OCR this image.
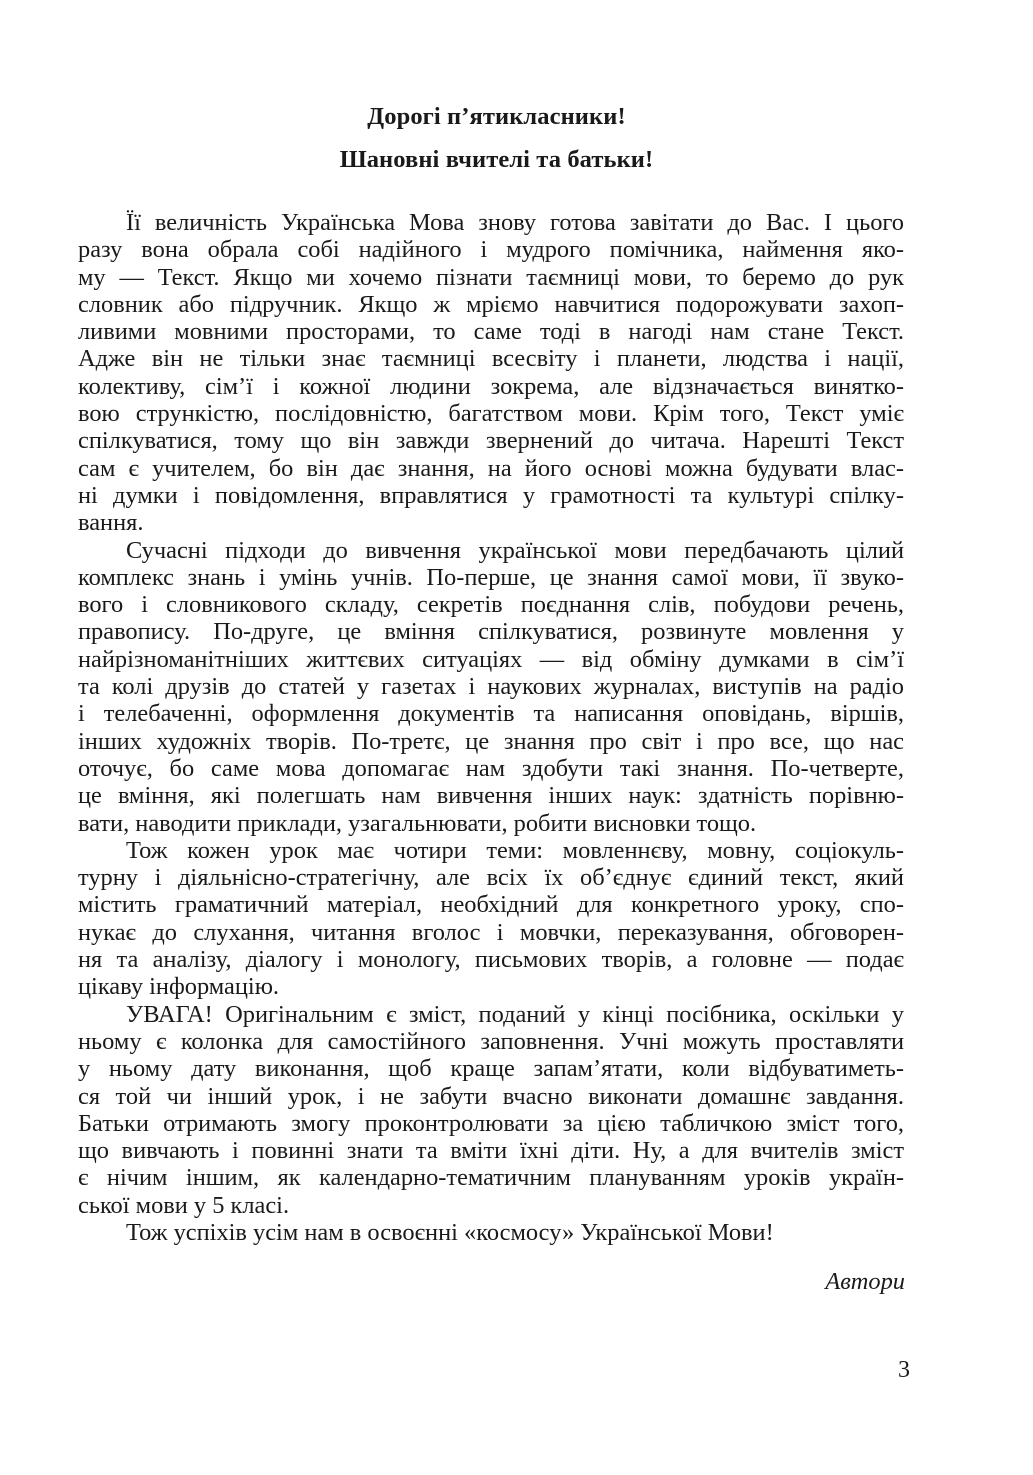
Дорогі п’ятикласники!
Шановні вчителі та батьки!
Її величність Українська Мова знову готова завітати до Вас. І цього
разу вона обрала собі надійного і мудрого помічника, наймення яко-
му — Текст. Якщо ми хочемо пізнати таємниці мови, то беремо до рук
словник або підручник. Якщо ж мріємо навчитися подорожувати захоп-
ливими мовними просторами, то саме тоді в нагоді нам стане Текст.
Адже він не тільки знає таємниці всесвіту і планети, людства і нації,
колективу, сім’ї і кожної людини зокрема, але відзначається винятко-
вою стрункістю, послідовністю, багатством мови. Крім того, Текст уміє
спілкуватися, тому що він завжди звернений до читача. Нарешті Текст
сам є учителем, бо він дає знання, на його основі можна будувати влас-
ні думки і повідомлення, вправлятися у грамотності та культурі спілку-
вання.
Сучасні підходи до вивчення української мови передбачають цілий
комплекс знань і умінь учнів. По-перше, це знання самої мови, її звуко-
вого і словникового складу, секретів поєднання слів, побудови речень,
правопису. По-друге, це вміння спілкуватися, розвинуте мовлення у
найрізноманітніших життєвих ситуаціях — від обміну думками в сім’ї
та колі друзів до статей у газетах і наукових журналах, виступів на радіо
і телебаченні, оформлення документів та написання оповідань, віршів,
інших художніх творів. По-третє, це знання про світ і про все, що нас
оточує, бо саме мова допомагає нам здобути такі знання. По-четверте,
це вміння, які полегшать нам вивчення інших наук: здатність порівню-
вати, наводити приклади, узагальнювати, робити висновки тощо.
Тож кожен урок має чотири теми: мовленнєву, мовну, соціокуль-
турну і діяльнісно-стратегічну, але всіх їх об’єднує єдиний текст, який
містить граматичний матеріал, необхідний для конкретного уроку, спо-
нукає до слухання, читання вголос і мовчки, переказування, обговорен-
ня та аналізу, діалогу і монологу, письмових творів, а головне — подає
цікаву інформацію.
УВАГА! Оригінальним є зміст, поданий у кінці посібника, оскільки у
ньому є колонка для самостійного заповнення. Учні можуть проставляти
у ньому дату виконання, щоб краще запам’ятати, коли відбуватиметь-
ся той чи інший урок, і не забути вчасно виконати домашнє завдання.
Батьки отримають змогу проконтролювати за цією табличкою зміст того,
що вивчають і повинні знати та вміти їхні діти. Ну, а для вчителів зміст
є нічим іншим, як календарно-тематичним плануванням уроків україн-
ської мови у 5 класі.
Тож успіхів усім нам в освоєнні «космосу» Української Мови!
Автори
3
